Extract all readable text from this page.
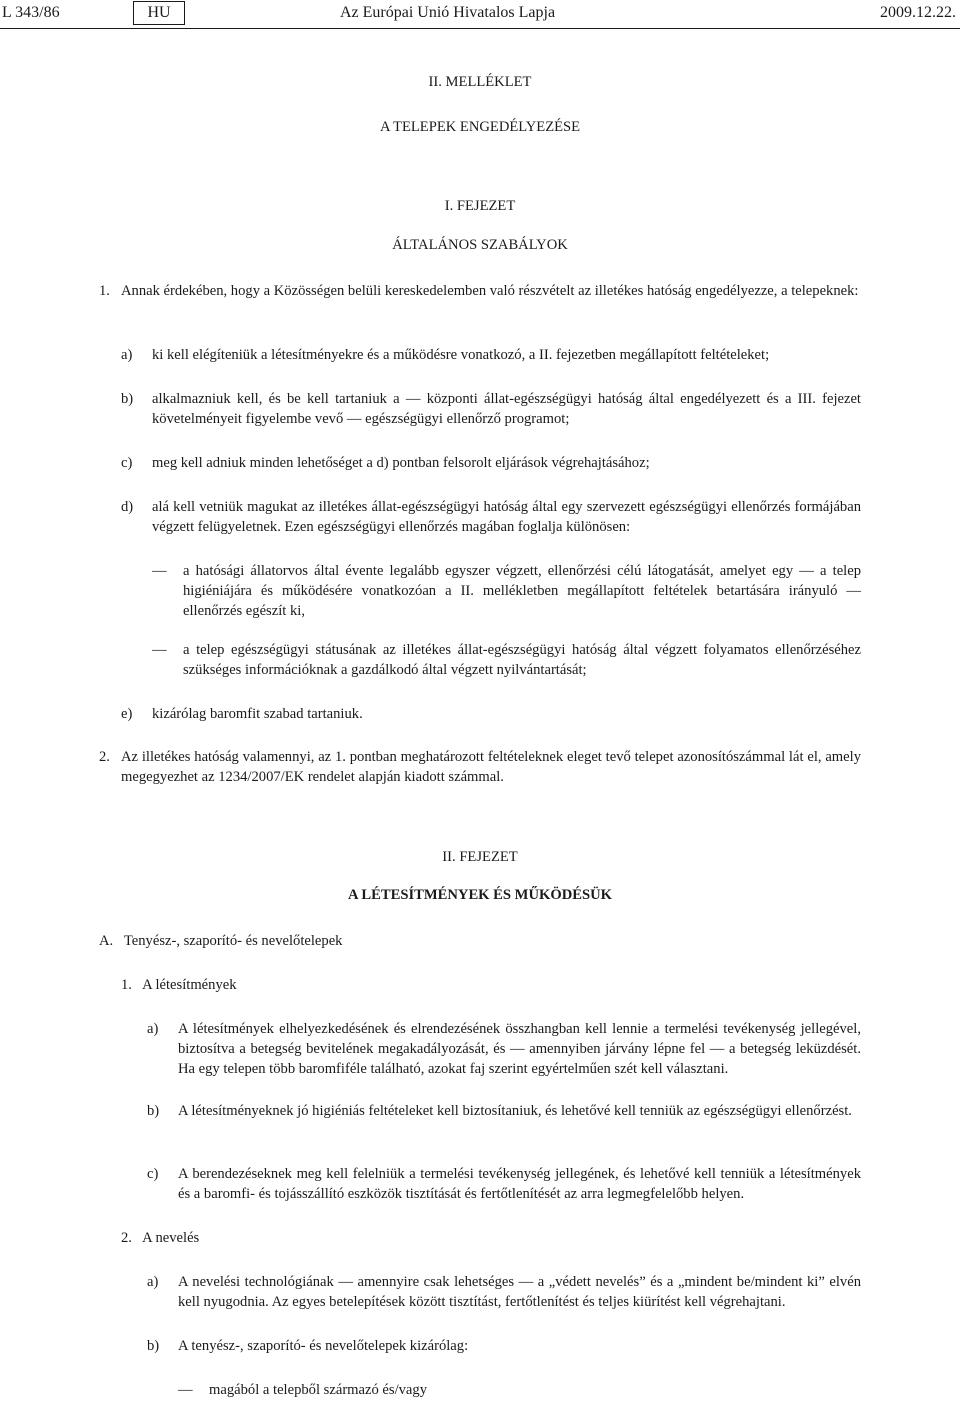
L 343/86	HU	Az Európai Unió Hivatalos Lapja	2009.12.22.
II. MELLÉKLET
A TELEPEK ENGEDÉLYEZÉSE
I. FEJEZET
ÁLTALÁNOS SZABÁLYOK
1. Annak érdekében, hogy a Közösségen belüli kereskedelemben való részvételt az illetékes hatóság engedélyezze, a telepeknek:
a) ki kell elégíteniük a létesítményekre és a működésre vonatkozó, a II. fejezetben megállapított feltételeket;
b) alkalmazniuk kell, és be kell tartaniuk a — központi állat-egészségügyi hatóság által engedélyezett és a III. fejezet követelményeit figyelembe vevő — egészségügyi ellenőrző programot;
c) meg kell adniuk minden lehetőséget a d) pontban felsorolt eljárások végrehajtásához;
d) alá kell vetniük magukat az illetékes állat-egészségügyi hatóság által egy szervezett egészségügyi ellenőrzés formájában végzett felügyeletnek. Ezen egészségügyi ellenőrzés magában foglalja különösen:
— a hatósági állatorvos által évente legalább egyszer végzett, ellenőrzési célú látogatását, amelyet egy — a telep higiéniájára és működésére vonatkozóan a II. mellékletben megállapított feltételek betartására irányuló — ellenőrzés egészít ki,
— a telep egészségügyi státusának az illetékes állat-egészségügyi hatóság által végzett folyamatos ellenőrzéséhez szükséges információknak a gazdálkodó által végzett nyilvántartását;
e) kizárólag baromfit szabad tartaniuk.
2. Az illetékes hatóság valamennyi, az 1. pontban meghatározott feltételeknek eleget tevő telepet azonosítószámmal lát el, amely megegyezhet az 1234/2007/EK rendelet alapján kiadott számmal.
II. FEJEZET
A LÉTESÍTMÉNYEK ÉS MŰKÖDÉSÜK
A.   Tenyész-, szaporító- és nevelőtelepek
1.   A létesítmények
a) A létesítmények elhelyezkedésének és elrendezésének összhangban kell lennie a termelési tevékenység jellegével, biztosítva a betegség bevitelének megakadályozását, és — amennyiben járvány lépne fel — a betegség leküzdését. Ha egy telepen több baromfiféle található, azokat faj szerint egyértelműen szét kell választani.
b) A létesítményeknek jó higiéniás feltételeket kell biztosítaniuk, és lehetővé kell tenniük az egészségügyi ellenőrzést.
c) A berendezéseknek meg kell felelniük a termelési tevékenység jellegének, és lehetővé kell tenniük a létesítmények és a baromfi- és tojásszállító eszközök tisztítását és fertőtlenítését az arra legmegfelelőbb helyen.
2.   A nevelés
a) A nevelési technológiának — amennyire csak lehetséges — a „védett nevelés” és a „mindent be/mindent ki” elvén kell nyugodnia. Az egyes betelepítések között tisztítást, fertőtlenítést és teljes kiürítést kell végrehajtani.
b) A tenyész-, szaporító- és nevelőtelepek kizárólag:
— magából a telepből származó és/vagy
